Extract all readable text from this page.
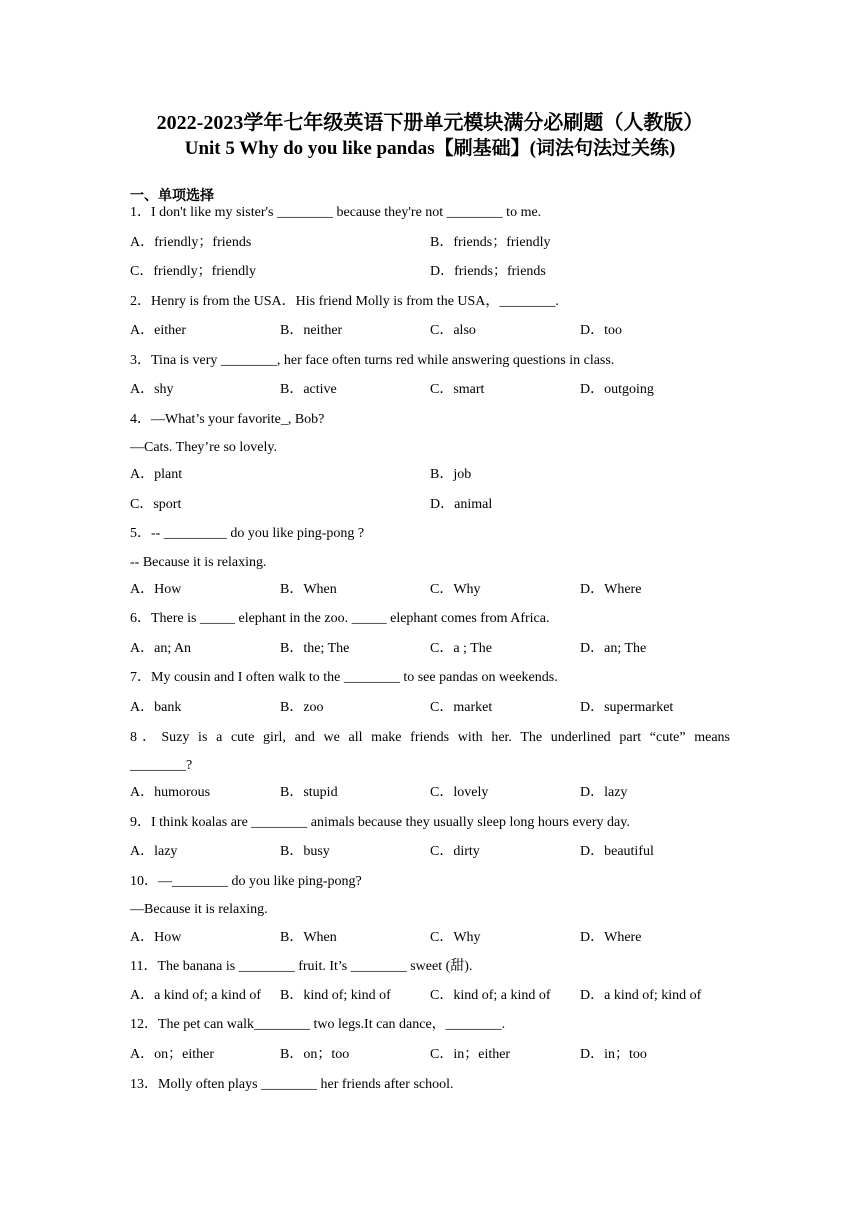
2022-2023学年七年级英语下册单元模块满分必刷题（人教版）
Unit 5 Why do you like pandas【刷基础】(词法句法过关练)
一、单项选择
1．I don't like my sister's ________ because they're not ________ to me.
A．friendly；friends	B．friends；friendly
C．friendly；friendly	D．friends；friends
2．Henry is from the USA．His friend Molly is from the USA，________.
A．either	B．neither	C．also	D．too
3．Tina is very ________, her face often turns red while answering questions in class.
A．shy	B．active	C．smart	D．outgoing
4．—What’s your favorite_, Bob?
—Cats. They’re so lovely.
A．plant	B．job
C．sport	D．animal
5．-- _________ do you like ping-pong ?
-- Because it is relaxing.
A．How	B．When	C．Why	D．Where
6．There is _____ elephant in the zoo. _____ elephant comes from Africa.
A．an; An	B．the; The	C．a ; The	D．an; The
7．My cousin and I often walk to the ________ to see pandas on weekends.
A．bank	B．zoo	C．market	D．supermarket
8．Suzy is a cute girl, and we all make friends with her. The underlined part “cute” means
________?
A．humorous	B．stupid	C．lovely	D．lazy
9．I think koalas are ________ animals because they usually sleep long hours every day.
A．lazy	B．busy	C．dirty	D．beautiful
10．—________ do you like ping-pong?
—Because it is relaxing.
A．How	B．When	C．Why	D．Where
11．The banana is ________ fruit. It’s ________ sweet (甜).
A．a kind of; a kind of B．kind of; kind of	C．kind of; a kind of D．a kind of; kind of
12．The pet can walk________ two legs.It can dance，________.
A．on；either	B．on；too	C．in；either	D．in；too
13．Molly often plays ________ her friends after school.
